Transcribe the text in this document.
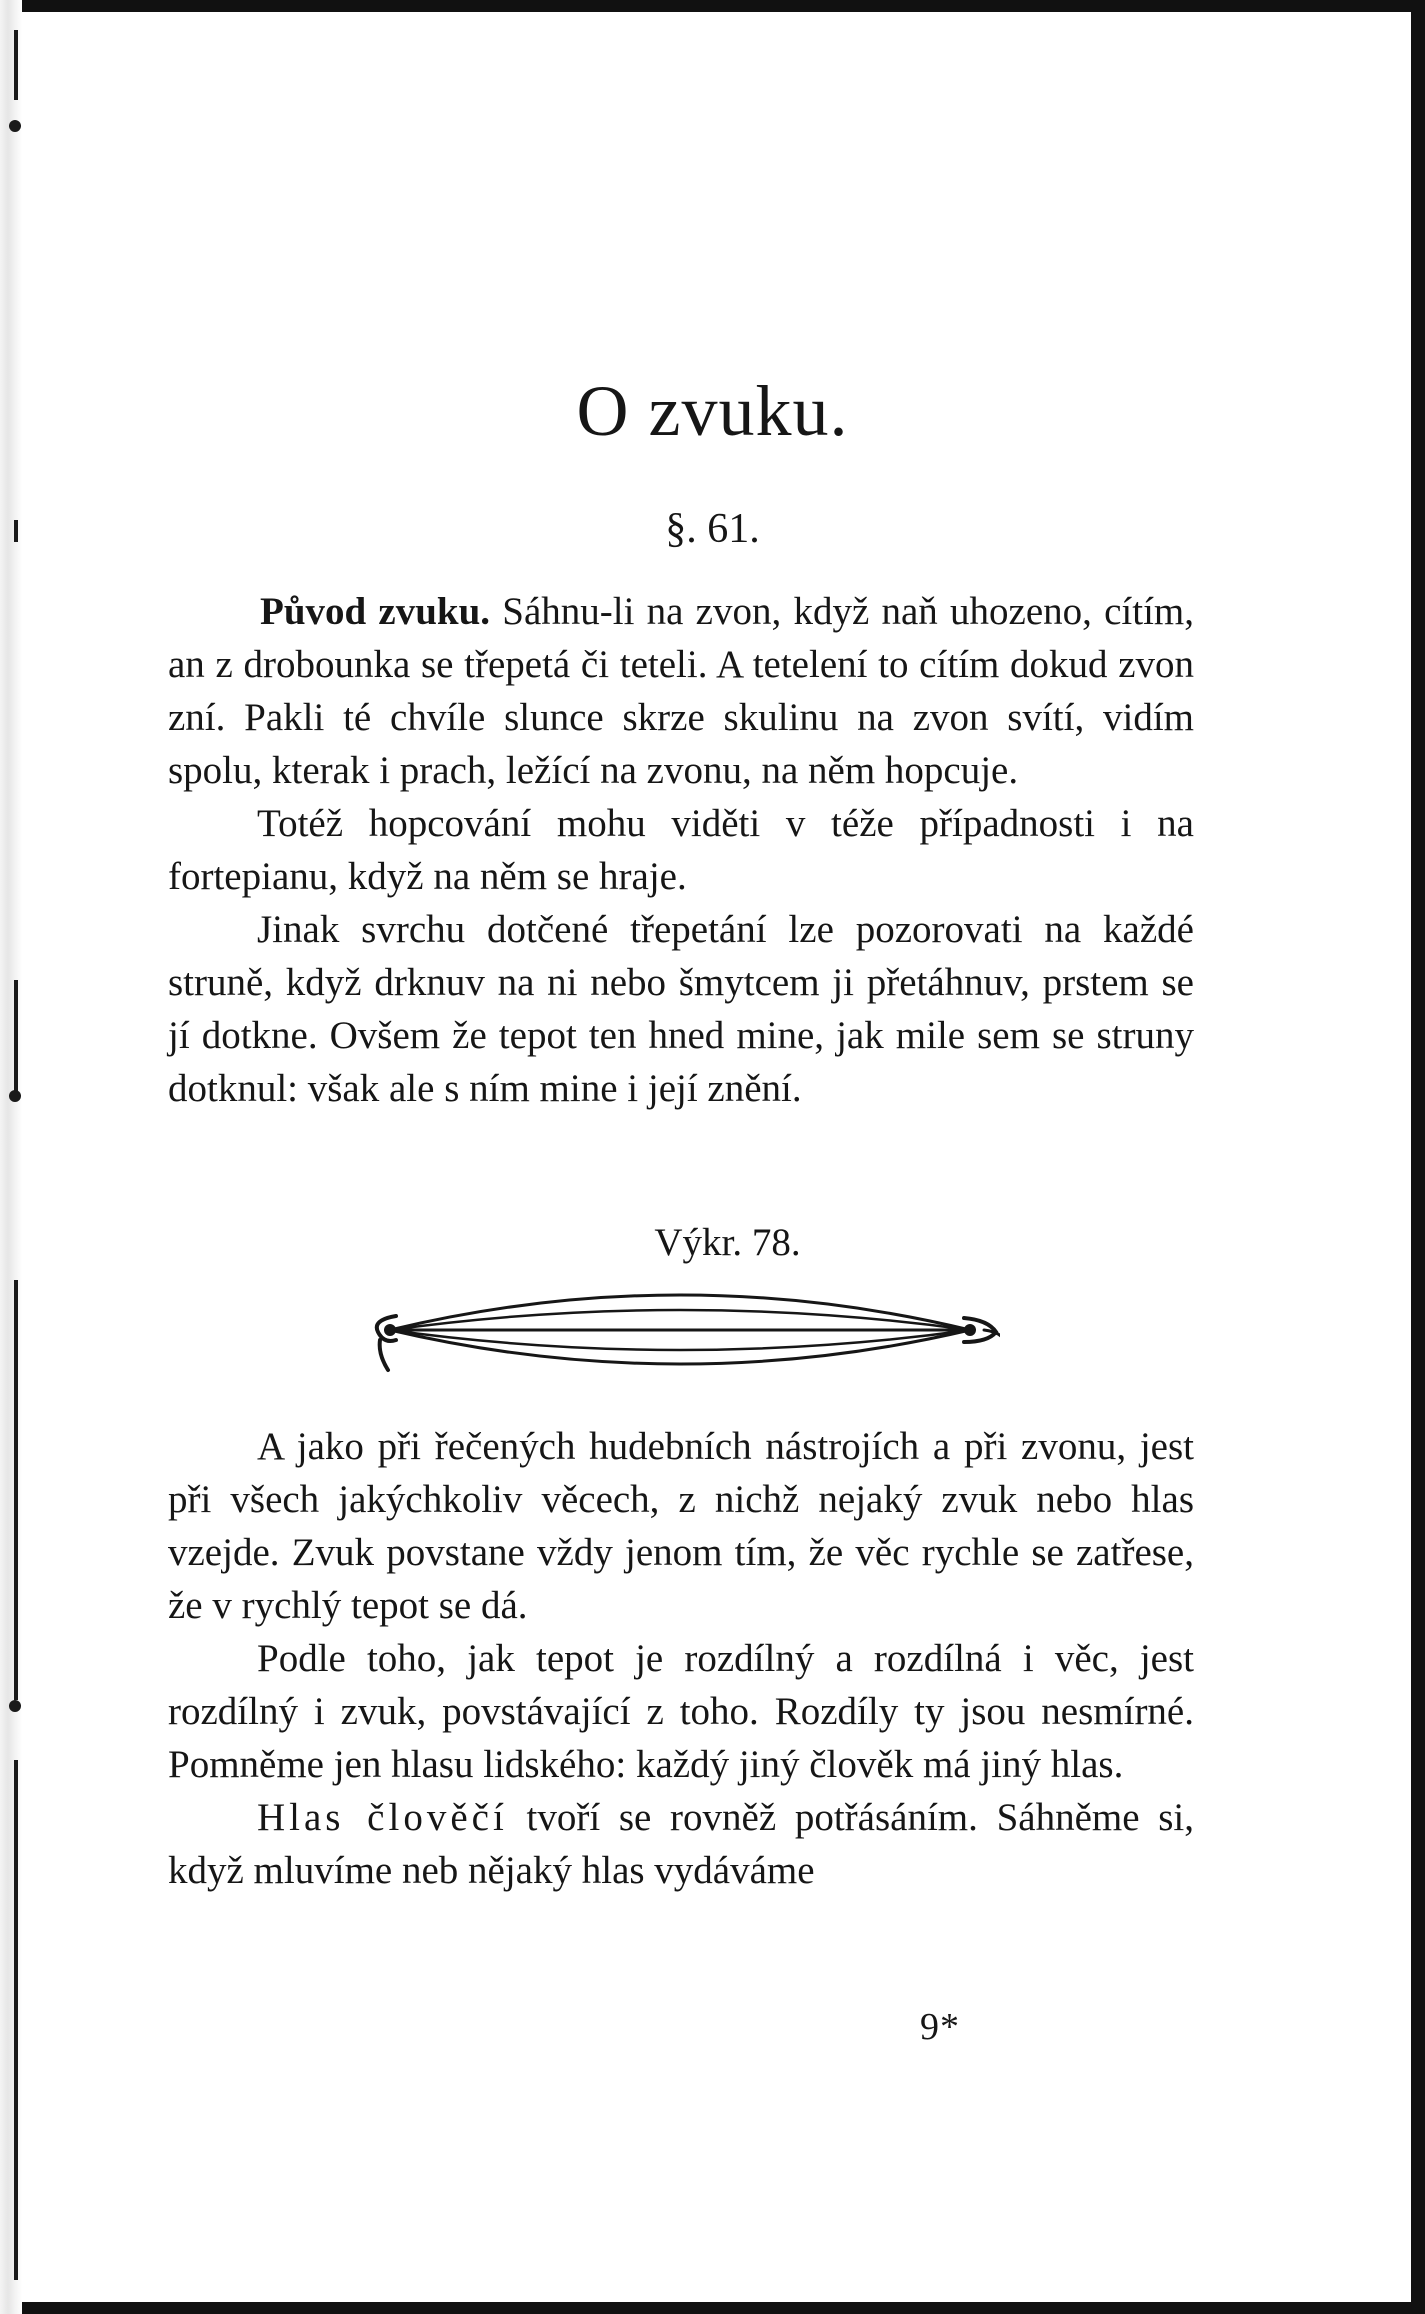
O zvuku.
§. 61.

Původ zvuku. Sáhnu-li na zvon, když naň uhozeno, cítím, an z drobounka se třepetá či teteli. A tetelení to cítím dokud zvon zní. Pakli té chvíle slunce skrze skulinu na zvon svítí, vidím spolu, kterak i prach, ležící na zvonu, na něm hopcuje.

Totéž hopcování mohu viděti v téže případnosti i na fortepianu, když na něm se hraje.

Jinak svrchu dotčené třepetání lze pozorovati na každé struně, když drknuv na ni nebo šmytcem ji přetáhnuv, prstem se jí dotkne. Ovšem že tepot ten hned mine, jak mile sem se struny dotknul: však ale s ním mine i její znění.

Výkr. 78.

A jako při řečených hudebních nástrojích a při zvonu, jest při všech jakýchkoliv věcech, z nichž nejaký zvuk nebo hlas vzejde. Zvuk povstane vždy jenom tím, že věc rychle se zatřese, že v rychlý tepot se dá.

Podle toho, jak tepot je rozdílný a rozdílná i věc, jest rozdílný i zvuk, povstávající z toho. Rozdíly ty jsou nesmírné. Pomněme jen hlasu lidského: každý jiný člověk má jiný hlas.

Hlas člověčí tvoří se rovněž potřásáním. Sáhněme si, když mluvíme neb nějaký hlas vydáváme

9*
